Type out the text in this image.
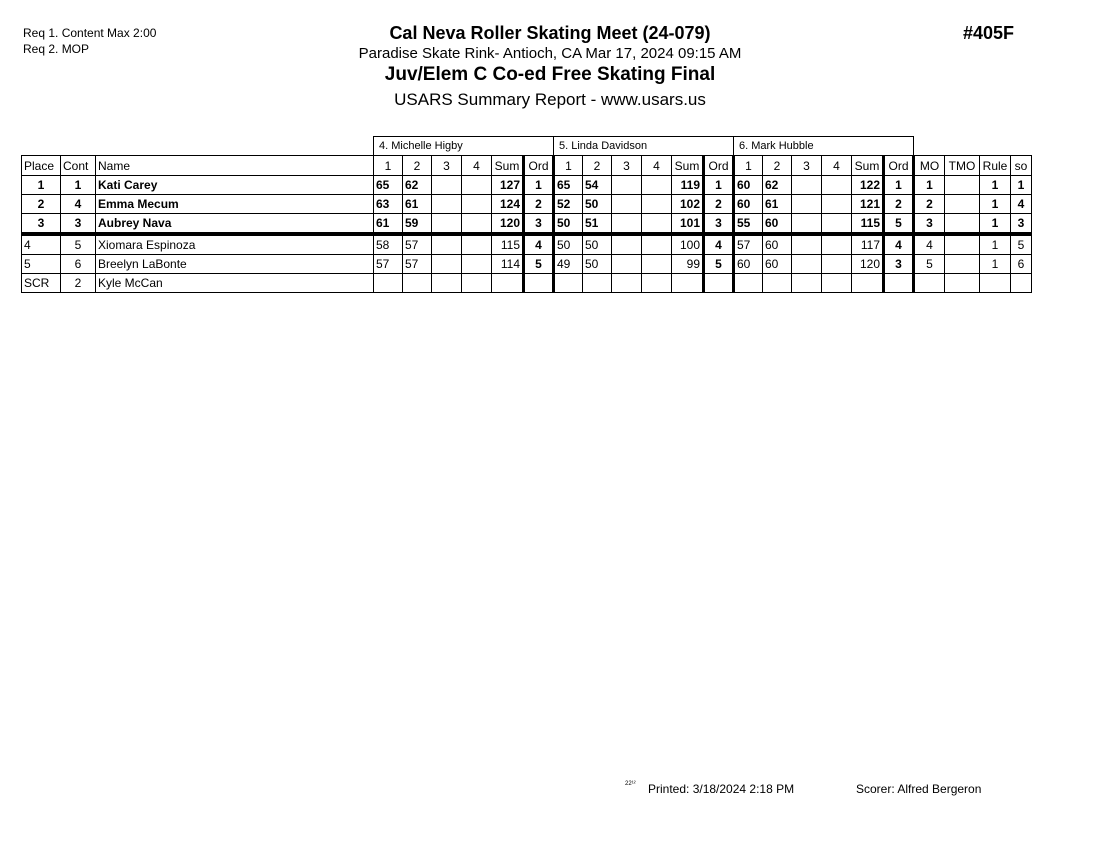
Req 1. Content Max 2:00
Req 2. MOP
Cal Neva Roller Skating Meet (24-079)
Paradise Skate Rink- Antioch, CA Mar 17, 2024 09:15 AM
Juv/Elem C Co-ed Free Skating Final
USARS Summary Report - www.usars.us
#405F
			4. Michelle Higby						5. Linda Davidson						6. Mark Hubble									
Place	Cont	Name	1	2	3	4	Sum	Ord	1	2	3	4	Sum	Ord	1	2	3	4	Sum	Ord	MO	TMO	Rule	so
1	1	Kati Carey	65	62			127	1	65	54			119	1	60	62			122	1	1		1	1
2	4	Emma Mecum	63	61			124	2	52	50			102	2	60	61			121	2	2		1	4
3	3	Aubrey Nava	61	59			120	3	50	51			101	3	55	60			115	5	3		1	3
4	5	Xiomara Espinoza	58	57			115	4	50	50			100	4	57	60			117	4	4		1	5
5	6	Breelyn LaBonte	57	57			114	5	49	50			99	5	60	60			120	3	5		1	6
SCR	2	Kyle McCan																						
22¹² Printed: 3/18/2024 2:18 PM	Scorer: Alfred Bergeron
